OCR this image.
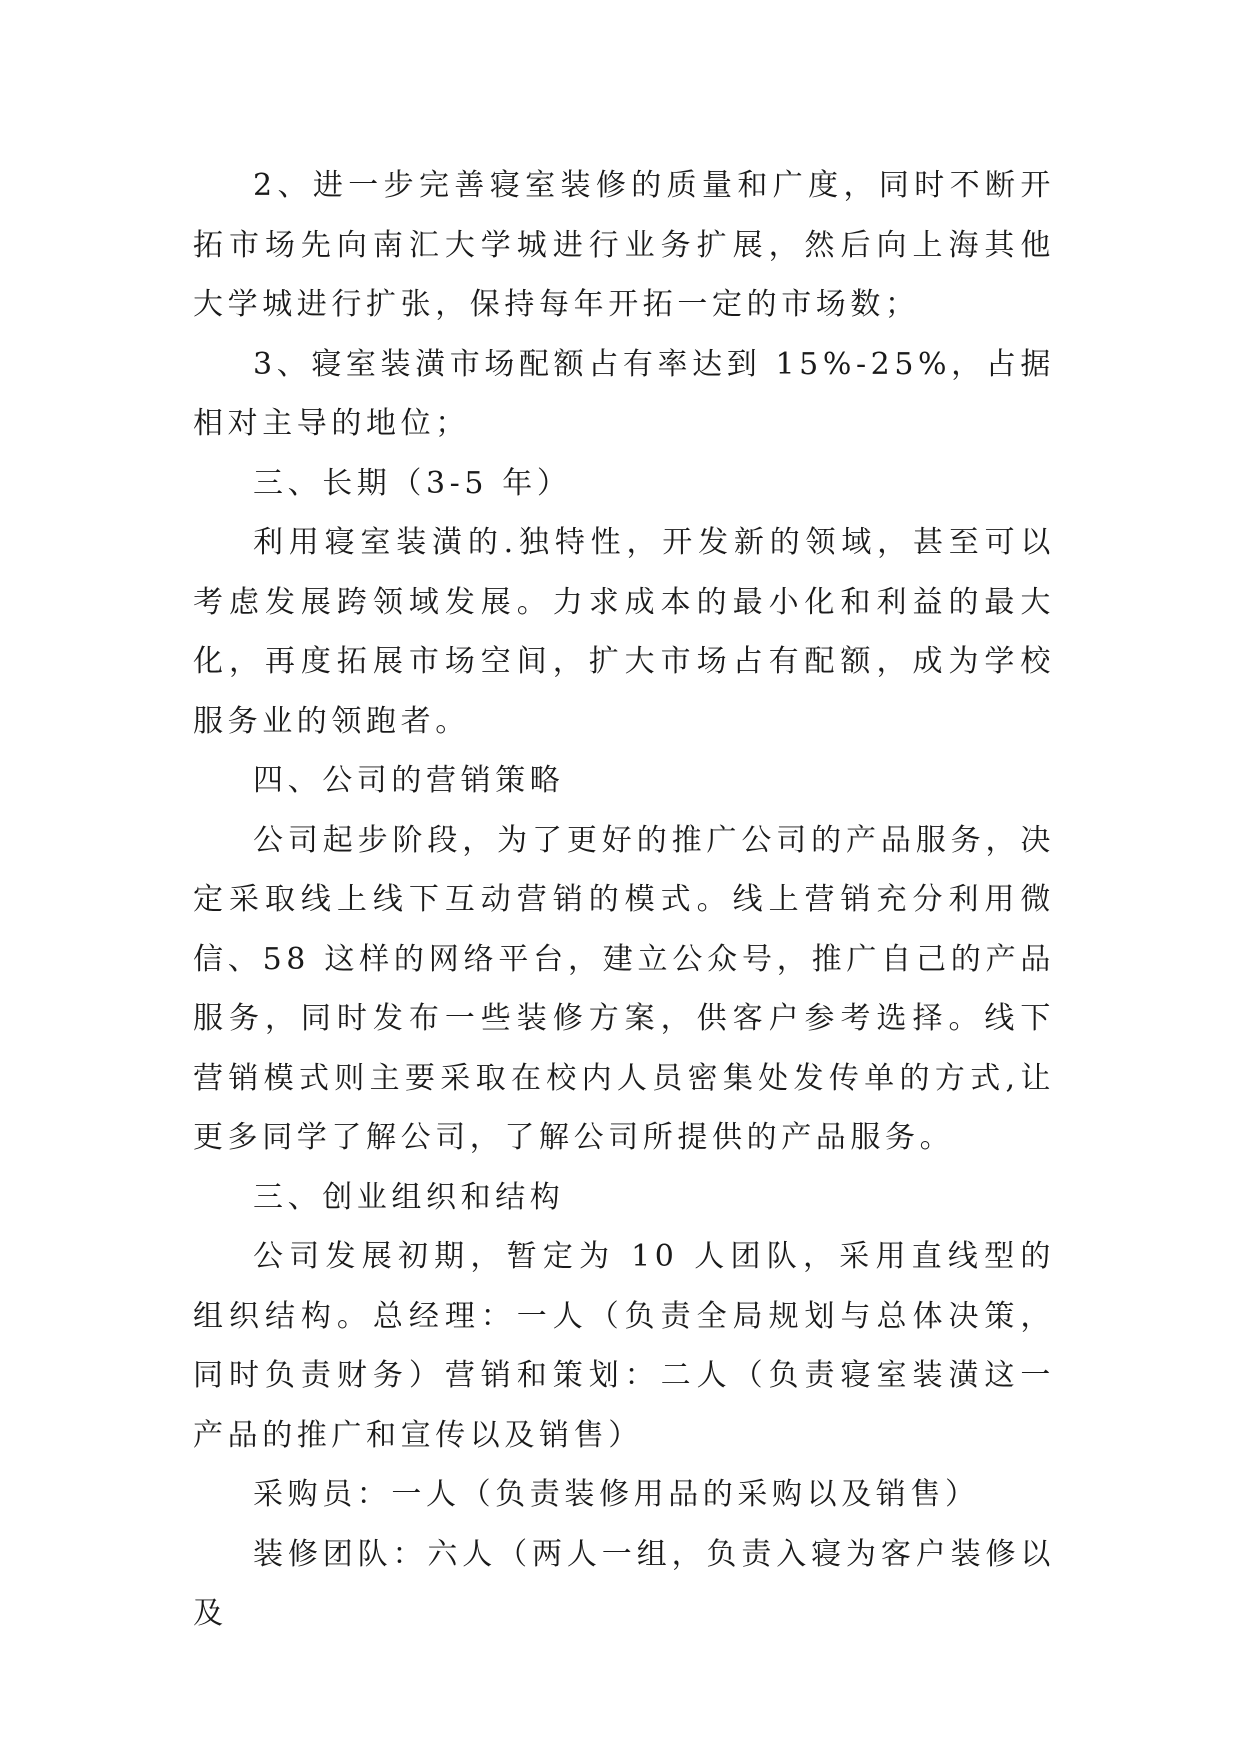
2、进一步完善寝室装修的质量和广度，同时不断开拓市场先向南汇大学城进行业务扩展，然后向上海其他大学城进行扩张，保持每年开拓一定的市场数；

3、寝室装潢市场配额占有率达到 15%-25%，占据相对主导的地位；

三、长期（3-5 年）

利用寝室装潢的.独特性，开发新的领域，甚至可以考虑发展跨领域发展。力求成本的最小化和利益的最大化，再度拓展市场空间，扩大市场占有配额，成为学校服务业的领跑者。

四、公司的营销策略

公司起步阶段，为了更好的推广公司的产品服务，决定采取线上线下互动营销的模式。线上营销充分利用微信、58 这样的网络平台，建立公众号，推广自己的产品服务，同时发布一些装修方案，供客户参考选择。线下营销模式则主要采取在校内人员密集处发传单的方式,让更多同学了解公司，了解公司所提供的产品服务。

三、创业组织和结构

公司发展初期，暂定为 10 人团队，采用直线型的组织结构。总经理：一人（负责全局规划与总体决策，同时负责财务）营销和策划：二人（负责寝室装潢这一产品的推广和宣传以及销售）

采购员：一人（负责装修用品的采购以及销售）

装修团队：六人（两人一组，负责入寝为客户装修以及
